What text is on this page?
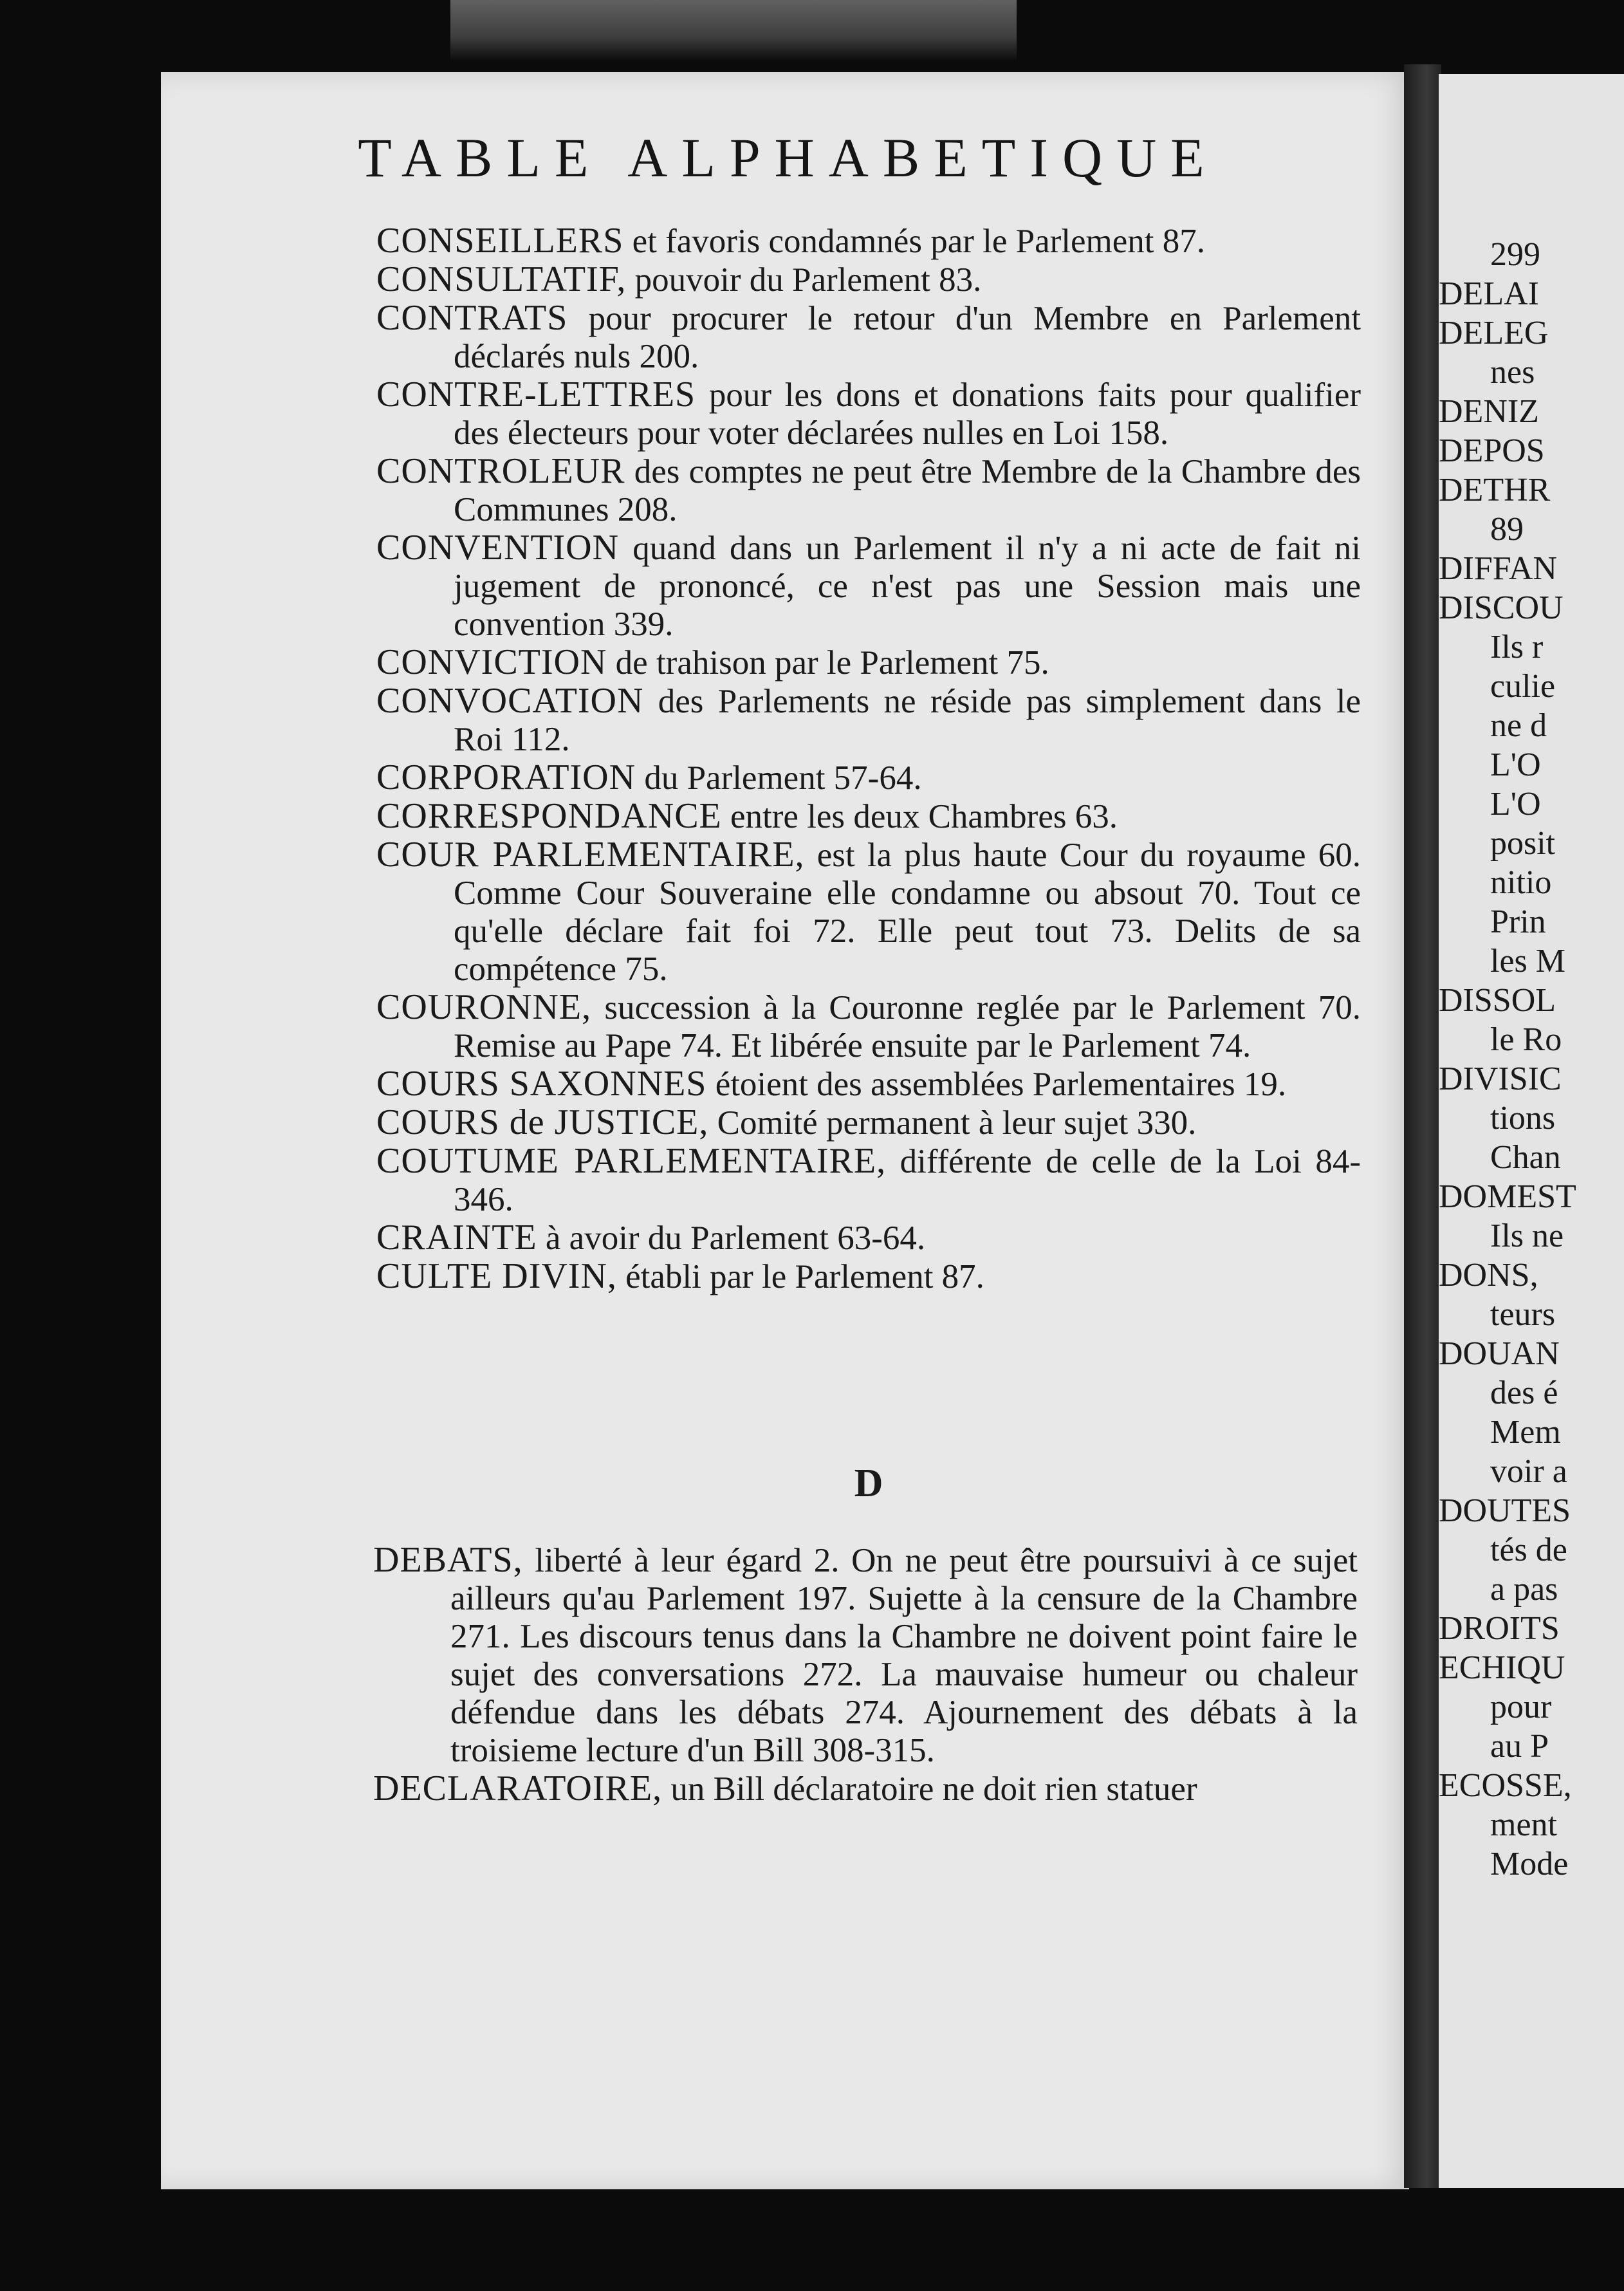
299
DELAI
DELEG
nes
DENIZ
DEPOS
DETHR
89
DIFFAN
DISCOU
Ils r
culie
ne d
L'O
L'O
posit
nitio
Prin
les M
DISSOL
le Ro
DIVISIC
tions
Chan
DOMEST
Ils ne
DONS,
teurs
DOUAN
des é
Mem
voir a
DOUTES
tés de
a pas
DROITS
ECHIQU
pour
au P
ECOSSE,
ment
Mode
TABLE ALPHABETIQUE

CONSEILLERS et favoris condamnés par le Parlement 87.

CONSULTATIF, pouvoir du Parlement 83.

CONTRATS pour procurer le retour d'un Membre en Parlement déclarés nuls 200.

CONTRE-LETTRES pour les dons et donations faits pour qualifier des électeurs pour voter déclarées nulles en Loi 158.

CONTROLEUR des comptes ne peut être Membre de la Chambre des Communes 208.

CONVENTION quand dans un Parlement il n'y a ni acte de fait ni jugement de prononcé, ce n'est pas une Session mais une convention 339.

CONVICTION de trahison par le Parlement 75.

CONVOCATION des Parlements ne réside pas simplement dans le Roi 112.

CORPORATION du Parlement 57-64.

CORRESPONDANCE entre les deux Chambres 63.

COUR PARLEMENTAIRE, est la plus haute Cour du royaume 60. Comme Cour Souveraine elle condamne ou absout 70. Tout ce qu'elle déclare fait foi 72. Elle peut tout 73. Delits de sa compétence 75.

COURONNE, succession à la Couronne reglée par le Parlement 70. Remise au Pape 74. Et libérée ensuite par le Parlement 74.

COURS SAXONNES étoient des assemblées Parlementaires 19.

COURS de JUSTICE, Comité permanent à leur sujet 330.

COUTUME PARLEMENTAIRE, différente de celle de la Loi 84-346.

CRAINTE à avoir du Parlement 63-64.

CULTE DIVIN, établi par le Parlement 87.

D

DEBATS, liberté à leur égard 2. On ne peut être poursuivi à ce sujet ailleurs qu'au Parlement 197. Sujette à la censure de la Chambre 271. Les discours tenus dans la Chambre ne doivent point faire le sujet des conversations 272. La mauvaise humeur ou chaleur défendue dans les débats 274. Ajournement des débats à la troisieme lecture d'un Bill 308-315.

DECLARATOIRE, un Bill déclaratoire ne doit rien statuer
